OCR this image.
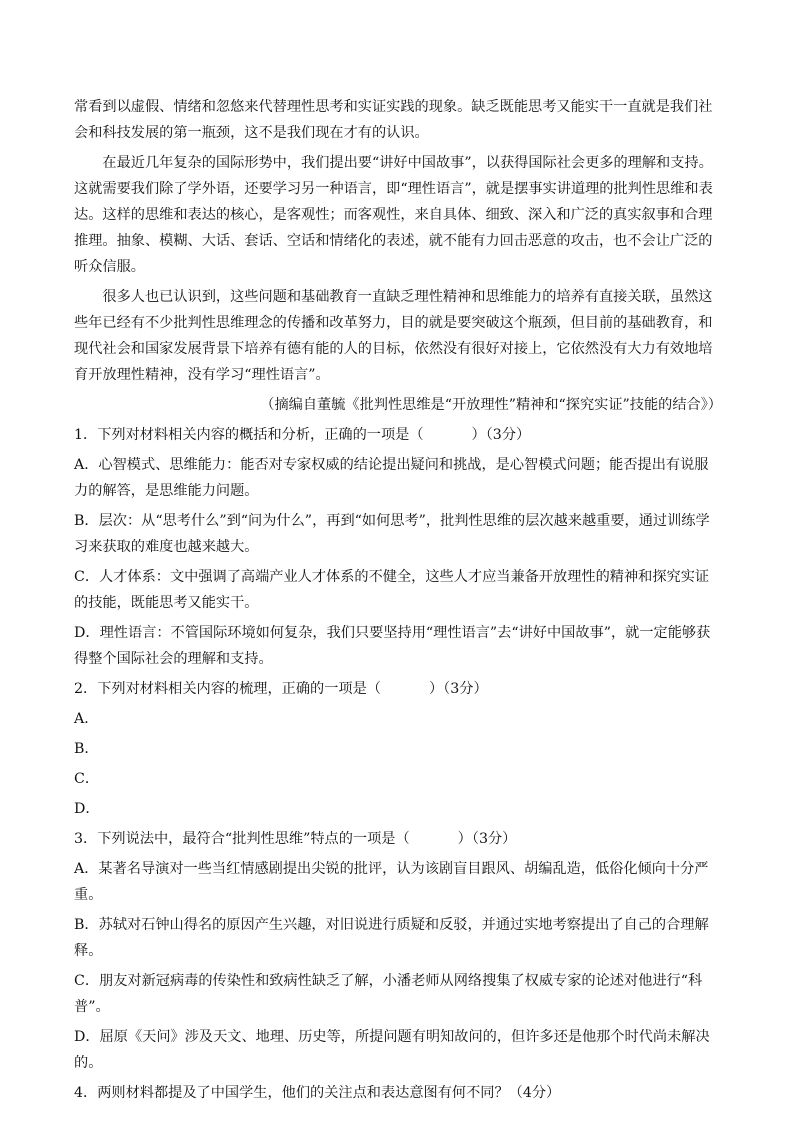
常看到以虚假、情绪和忽悠来代替理性思考和实证实践的现象。缺乏既能思考又能实干一直就是我们社会和科技发展的第一瓶颈，这不是我们现在才有的认识。

在最近几年复杂的国际形势中，我们提出要“讲好中国故事”，以获得国际社会更多的理解和支持。这就需要我们除了学外语，还要学习另一种语言，即“理性语言”，就是摆事实讲道理的批判性思维和表达。这样的思维和表达的核心，是客观性；而客观性，来自具体、细致、深入和广泛的真实叙事和合理推理。抽象、模糊、大话、套话、空话和情绪化的表述，就不能有力回击恶意的攻击，也不会让广泛的听众信服。

很多人也已认识到，这些问题和基础教育一直缺乏理性精神和思维能力的培养有直接关联，虽然这些年已经有不少批判性思维理念的传播和改革努力，目的就是要突破这个瓶颈，但目前的基础教育，和现代社会和国家发展背景下培养有德有能的人的目标，依然没有很好对接上，它依然没有大力有效地培育开放理性精神，没有学习“理性语言”。

（摘编自董毓《批判性思维是“开放理性”精神和“探究实证”技能的结合》）

1．下列对材料相关内容的概括和分析，正确的一项是（	）（3分）

A．心智模式、思维能力：能否对专家权威的结论提出疑问和挑战，是心智模式问题；能否提出有说服力的解答，是思维能力问题。

B．层次：从“思考什么”到“问为什么”，再到“如何思考”，批判性思维的层次越来越重要，通过训练学习来获取的难度也越来越大。

C．人才体系：文中强调了高端产业人才体系的不健全，这些人才应当兼备开放理性的精神和探究实证的技能，既能思考又能实干。

D．理性语言：不管国际环境如何复杂，我们只要坚持用“理性语言”去“讲好中国故事”，就一定能够获得整个国际社会的理解和支持。

2．下列对材料相关内容的梳理，正确的一项是（	）（3分）

A．

B．

C．

D．

3．下列说法中，最符合“批判性思维”特点的一项是（	）（3分）

A．某著名导演对一些当红情感剧提出尖锐的批评，认为该剧盲目跟风、胡编乱造，低俗化倾向十分严重。

B．苏轼对石钟山得名的原因产生兴趣，对旧说进行质疑和反驳，并通过实地考察提出了自己的合理解释。

C．朋友对新冠病毒的传染性和致病性缺乏了解，小潘老师从网络搜集了权威专家的论述对他进行“科普”。

D．屈原《天问》涉及天文、地理、历史等，所提问题有明知故问的，但许多还是他那个时代尚未解决的。

4．两则材料都提及了中国学生，他们的关注点和表达意图有何不同？（4分）
